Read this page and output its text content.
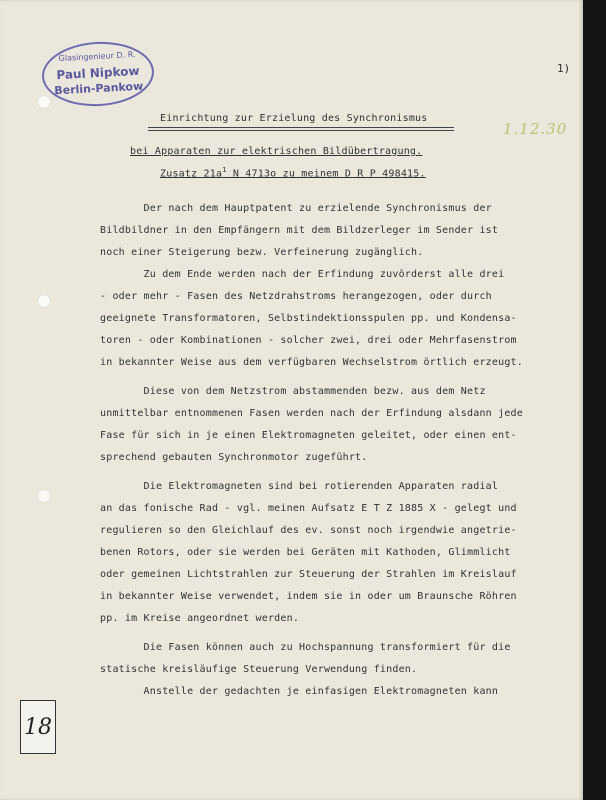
Glasingenieur D. R.
Paul Nipkow
Berlin-Pankow
1)
1.12.30
Einrichtung zur Erzielung des Synchronismus
bei Apparaten zur elektrischen Bildübertragung.
Zusatz $21a^1$ N 4713o zu meinem D R P 498415.
Der nach dem Hauptpatent zu erzielende Synchronismus der
Bildbildner in den Empfängern mit dem Bildzerleger im Sender ist
noch einer Steigerung bezw. Verfeinerung zugänglich.
Zu dem Ende werden nach der Erfindung zuvörderst alle drei
- oder mehr - Fasen des Netzdrahstroms herangezogen, oder durch
geeignete Transformatoren, Selbstindektionsspulen pp. und Kondensa-
toren - oder Kombinationen - solcher zwei, drei oder Mehrfasenstrom
in bekannter Weise aus dem verfügbaren Wechselstrom örtlich erzeugt.
Diese von dem Netzstrom abstammenden bezw. aus dem Netz
unmittelbar entnommenen Fasen werden nach der Erfindung alsdann jede
Fase für sich in je einen Elektromagneten geleitet, oder einen ent-
sprechend gebauten Synchronmotor zugeführt.
Die Elektromagneten sind bei rotierenden Apparaten radial
an das fonische Rad - vgl. meinen Aufsatz E T Z 1885 X - gelegt und
regulieren so den Gleichlauf des ev. sonst noch irgendwie angetrie-
benen Rotors, oder sie werden bei Geräten mit Kathoden, Glimmlicht
oder gemeinen Lichtstrahlen zur Steuerung der Strahlen im Kreislauf
in bekannter Weise verwendet, indem sie in oder um Braunsche Röhren
pp. im Kreise angeordnet werden.
Die Fasen können auch zu Hochspannung transformiert für die
statische kreisläufige Steuerung Verwendung finden.
Anstelle der gedachten je einfasigen Elektromagneten kann
18
